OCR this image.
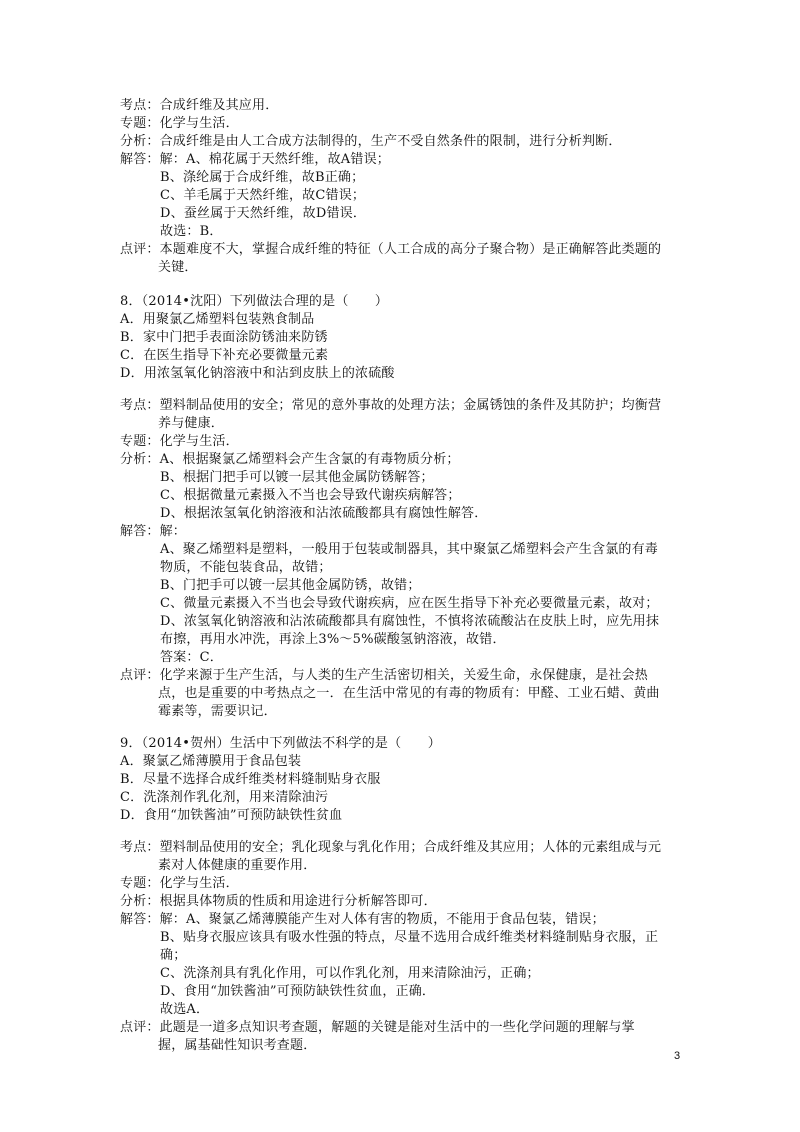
考点：合成纤维及其应用．
专题：化学与生活．
分析：合成纤维是由人工合成方法制得的，生产不受自然条件的限制，进行分析判断．
解答：解：A、棉花属于天然纤维，故A错误；
B、涤纶属于合成纤维，故B正确；
C、羊毛属于天然纤维，故C错误；
D、蚕丝属于天然纤维，故D错误．
故选：B．
点评：本题难度不大，掌握合成纤维的特征（人工合成的高分子聚合物）是正确解答此类题的
关键．
8．（2014•沈阳）下列做法合理的是（　　）
A．用聚氯乙烯塑料包装熟食制品
B．家中门把手表面涂防锈油来防锈
C．在医生指导下补充必要微量元素
D．用浓氢氧化钠溶液中和沾到皮肤上的浓硫酸
考点：塑料制品使用的安全；常见的意外事故的处理方法；金属锈蚀的条件及其防护；均衡营
养与健康．
专题：化学与生活．
分析：A、根据聚氯乙烯塑料会产生含氯的有毒物质分析；
B、根据门把手可以镀一层其他金属防锈解答；
C、根据微量元素摄入不当也会导致代谢疾病解答；
D、根据浓氢氧化钠溶液和沾浓硫酸都具有腐蚀性解答．
解答：解：
A、聚乙烯塑料是塑料，一般用于包装或制器具，其中聚氯乙烯塑料会产生含氯的有毒
物质，不能包装食品，故错；
B、门把手可以镀一层其他金属防锈，故错；
C、微量元素摄入不当也会导致代谢疾病，应在医生指导下补充必要微量元素，故对；
D、浓氢氧化钠溶液和沾浓硫酸都具有腐蚀性，不慎将浓硫酸沾在皮肤上时，应先用抹
布擦，再用水冲洗，再涂上3%～5%碳酸氢钠溶液，故错．
答案：C．
点评：化学来源于生产生活，与人类的生产生活密切相关，关爱生命，永保健康，是社会热
点，也是重要的中考热点之一．在生活中常见的有毒的物质有：甲醛、工业石蜡、黄曲
霉素等，需要识记．
9．（2014•贺州）生活中下列做法不科学的是（　　）
A．聚氯乙烯薄膜用于食品包装
B．尽量不选择合成纤维类材料缝制贴身衣服
C．洗涤剂作乳化剂，用来清除油污
D．食用“加铁酱油”可预防缺铁性贫血
考点：塑料制品使用的安全；乳化现象与乳化作用；合成纤维及其应用；人体的元素组成与元
素对人体健康的重要作用．
专题：化学与生活．
分析：根据具体物质的性质和用途进行分析解答即可．
解答：解：A、聚氯乙烯薄膜能产生对人体有害的物质，不能用于食品包装，错误；
B、贴身衣服应该具有吸水性强的特点，尽量不选用合成纤维类材料缝制贴身衣服，正
确；
C、洗涤剂具有乳化作用，可以作乳化剂，用来清除油污，正确；
D、食用“加铁酱油”可预防缺铁性贫血，正确．
故选A．
点评：此题是一道多点知识考查题，解题的关键是能对生活中的一些化学问题的理解与掌
握，属基础性知识考查题．
3
